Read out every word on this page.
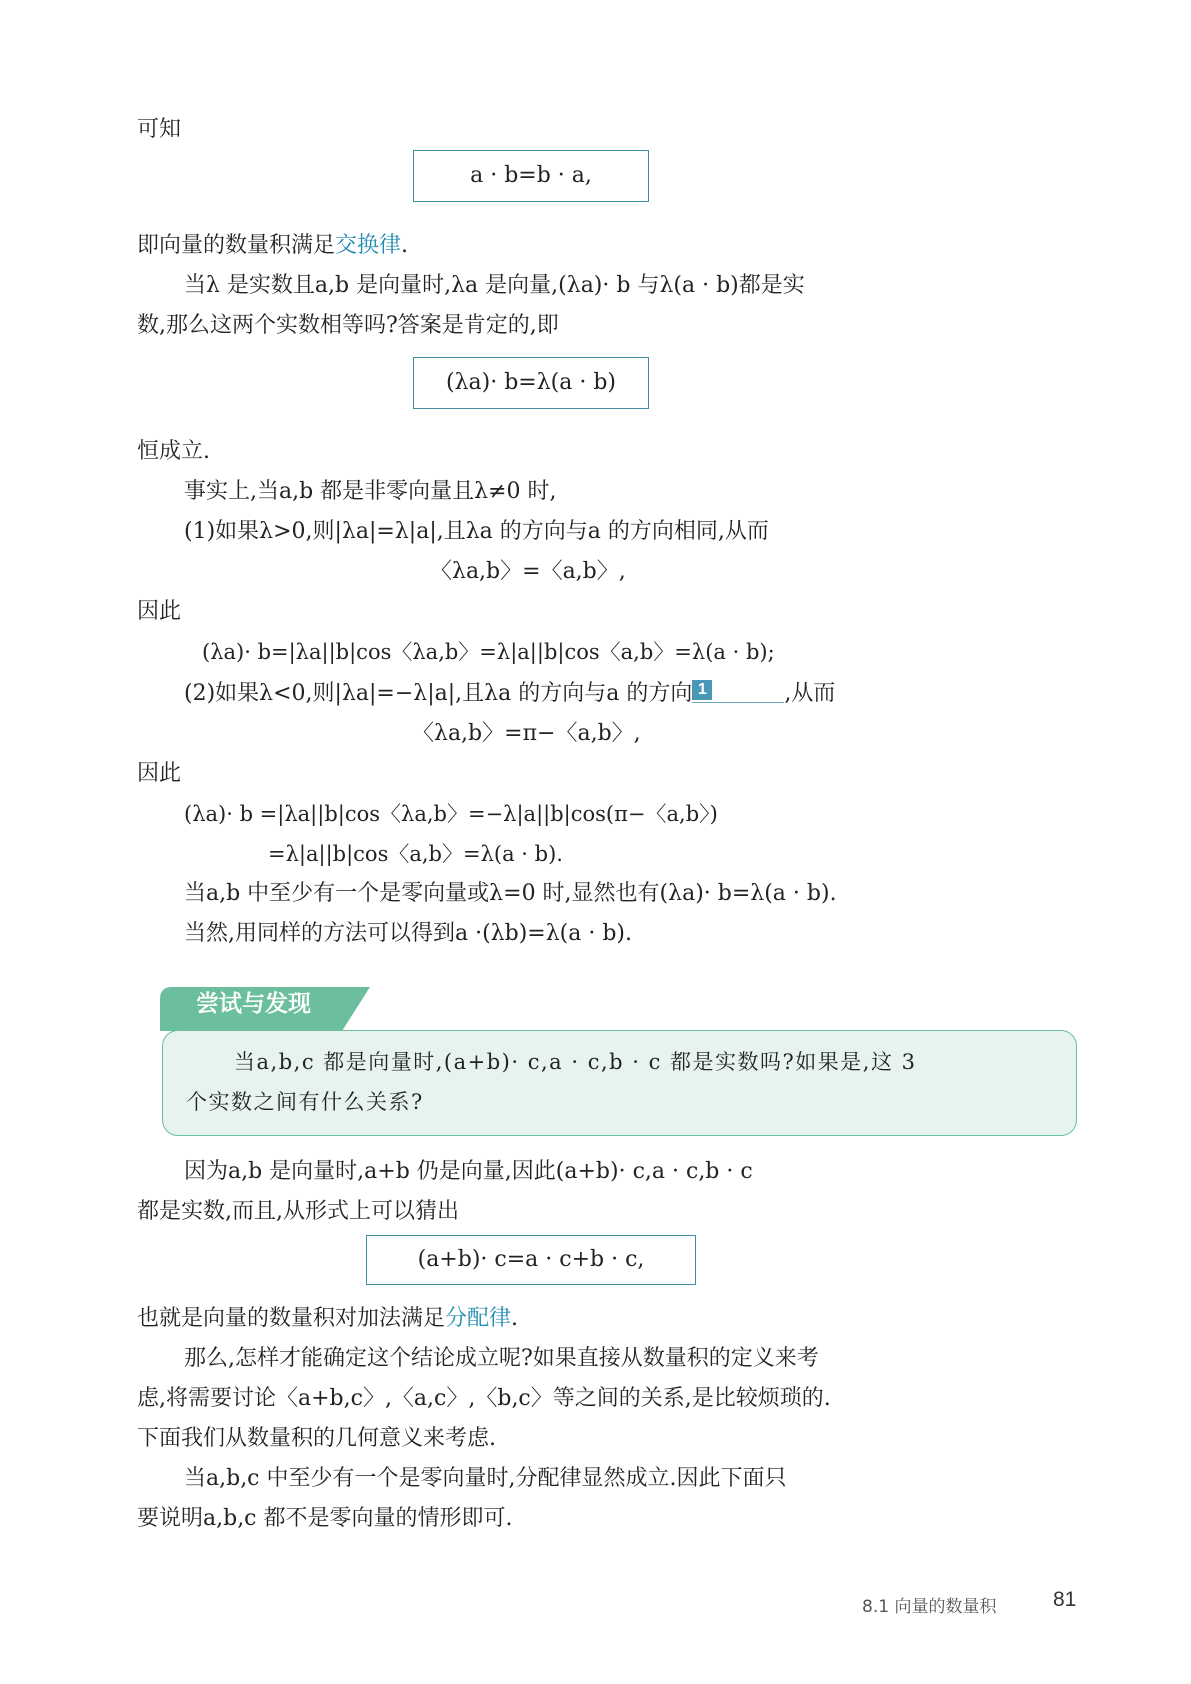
可知
a · b=b · a,
即向量的数量积满足交换律.
当λ 是实数且a,b 是向量时,λa 是向量,(λa)· b 与λ(a · b)都是实
数,那么这两个实数相等吗?答案是肯定的,即
(λa)· b=λ(a · b)
恒成立.
事实上,当a,b 都是非零向量且λ≠0 时,
(1)如果λ>0,则|λa|=λ|a|,且λa 的方向与a 的方向相同,从而
〈λa,b〉=〈a,b〉,
因此
(λa)· b=|λa||b|cos〈λa,b〉=λ|a||b|cos〈a,b〉=λ(a · b);
(2)如果λ<0,则|λa|=−λ|a|,且λa 的方向与a 的方向 1	,从而
〈λa,b〉=π−〈a,b〉,
因此
(λa)· b =|λa||b|cos〈λa,b〉=−λ|a||b|cos(π−〈a,b〉)
=λ|a||b|cos〈a,b〉=λ(a · b).
当a,b 中至少有一个是零向量或λ=0 时,显然也有(λa)· b=λ(a · b).
当然,用同样的方法可以得到a ·(λb)=λ(a · b).
尝试与发现
当a,b,c 都是向量时,(a+b)· c,a · c,b · c 都是实数吗?如果是,这 3
个实数之间有什么关系?
因为a,b 是向量时,a+b 仍是向量,因此(a+b)· c,a · c,b · c
都是实数,而且,从形式上可以猜出
(a+b)· c=a · c+b · c,
也就是向量的数量积对加法满足分配律.
那么,怎样才能确定这个结论成立呢?如果直接从数量积的定义来考
虑,将需要讨论〈a+b,c〉,〈a,c〉,〈b,c〉等之间的关系,是比较烦琐的.
下面我们从数量积的几何意义来考虑.
当a,b,c 中至少有一个是零向量时,分配律显然成立.因此下面只
要说明a,b,c 都不是零向量的情形即可.
8.1 向量的数量积	81
